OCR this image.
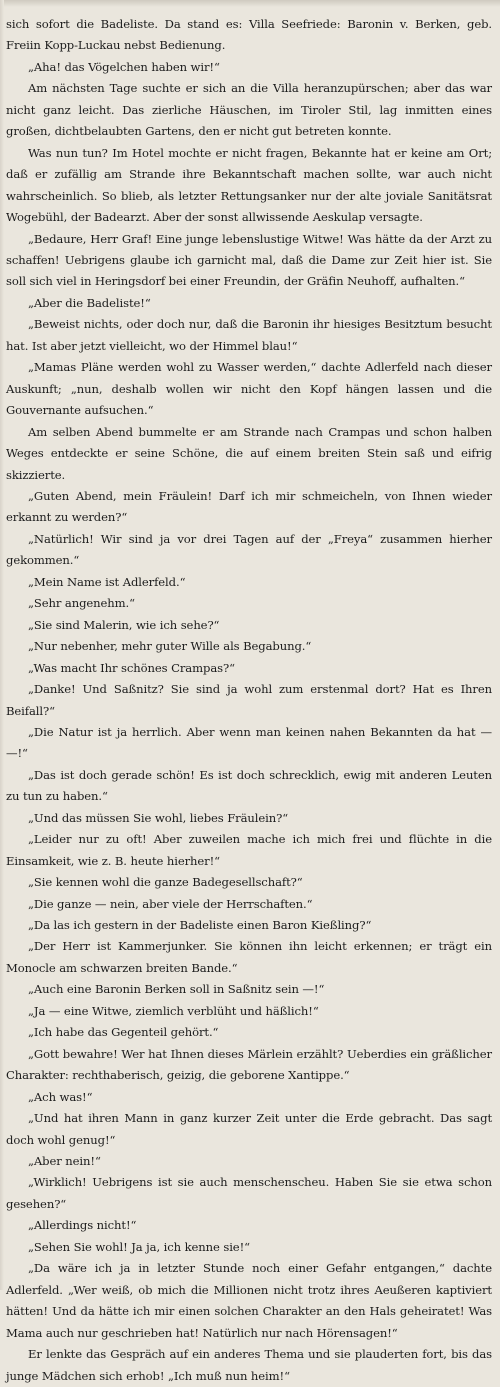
sich sofort die Badeliste. Da stand es: Villa Seefriede: Baronin v. Berken, geb. Freiin Kopp-Luckau nebst Bedienung.

„Aha! das Vögelchen haben wir!“

Am nächsten Tage suchte er sich an die Villa heranzupürschen; aber das war nicht ganz leicht. Das zierliche Häuschen, im Tiroler Stil, lag inmitten eines großen, dichtbelaubten Gartens, den er nicht gut betreten konnte.

Was nun tun? Im Hotel mochte er nicht fragen, Bekannte hat er keine am Ort; daß er zufällig am Strande ihre Bekanntschaft machen sollte, war auch nicht wahrscheinlich. So blieb, als letzter Rettungsanker nur der alte joviale Sanitätsrat Wogebühl, der Badearzt. Aber der sonst allwissende Aeskulap versagte.

„Bedaure, Herr Graf! Eine junge lebenslustige Witwe! Was hätte da der Arzt zu schaffen! Uebrigens glaube ich garnicht mal, daß die Dame zur Zeit hier ist. Sie soll sich viel in Heringsdorf bei einer Freundin, der Gräfin Neuhoff, aufhalten.“

„Aber die Badeliste!“

„Beweist nichts, oder doch nur, daß die Baronin ihr hiesiges Besitztum besucht hat. Ist aber jetzt vielleicht, wo der Himmel blau!“

„Mamas Pläne werden wohl zu Wasser werden,“ dachte Adlerfeld nach dieser Auskunft; „nun, deshalb wollen wir nicht den Kopf hängen lassen und die Gouvernante aufsuchen.“

Am selben Abend bummelte er am Strande nach Crampas und schon halben Weges entdeckte er seine Schöne, die auf einem breiten Stein saß und eifrig skizzierte.

„Guten Abend, mein Fräulein! Darf ich mir schmeicheln, von Ihnen wieder erkannt zu werden?“

„Natürlich! Wir sind ja vor drei Tagen auf der „Freya“ zusammen hierher gekommen.“

„Mein Name ist Adlerfeld.“

„Sehr angenehm.“

„Sie sind Malerin, wie ich sehe?“

„Nur nebenher, mehr guter Wille als Begabung.“

„Was macht Ihr schönes Crampas?“

„Danke! Und Saßnitz? Sie sind ja wohl zum erstenmal dort? Hat es Ihren Beifall?“

„Die Natur ist ja herrlich. Aber wenn man keinen nahen Bekannten da hat — —!“

„Das ist doch gerade schön! Es ist doch schrecklich, ewig mit anderen Leuten zu tun zu haben.“

„Und das müssen Sie wohl, liebes Fräulein?“

„Leider nur zu oft! Aber zuweilen mache ich mich frei und flüchte in die Einsamkeit, wie z. B. heute hierher!“

„Sie kennen wohl die ganze Badegesellschaft?“

„Die ganze — nein, aber viele der Herrschaften.“

„Da las ich gestern in der Badeliste einen Baron Kießling?“

„Der Herr ist Kammerjunker. Sie können ihn leicht erkennen; er trägt ein Monocle am schwarzen breiten Bande.“

„Auch eine Baronin Berken soll in Saßnitz sein —!“

„Ja — eine Witwe, ziemlich verblüht und häßlich!“

„Ich habe das Gegenteil gehört.“

„Gott bewahre! Wer hat Ihnen dieses Märlein erzählt? Ueberdies ein gräßlicher Charakter: rechthaberisch, geizig, die geborene Xantippe.“

„Ach was!“

„Und hat ihren Mann in ganz kurzer Zeit unter die Erde gebracht. Das sagt doch wohl genug!“

„Aber nein!“

„Wirklich! Uebrigens ist sie auch menschenscheu. Haben Sie sie etwa schon gesehen?“

„Allerdings nicht!“

„Sehen Sie wohl! Ja ja, ich kenne sie!“

„Da wäre ich ja in letzter Stunde noch einer Gefahr entgangen,“ dachte Adlerfeld. „Wer weiß, ob mich die Millionen nicht trotz ihres Aeußeren kaptiviert hätten! Und da hätte ich mir einen solchen Charakter an den Hals geheiratet! Was Mama auch nur geschrieben hat! Natürlich nur nach Hörensagen!“

Er lenkte das Gespräch auf ein anderes Thema und sie plauderten fort, bis das junge Mädchen sich erhob! „Ich muß nun heim!“
